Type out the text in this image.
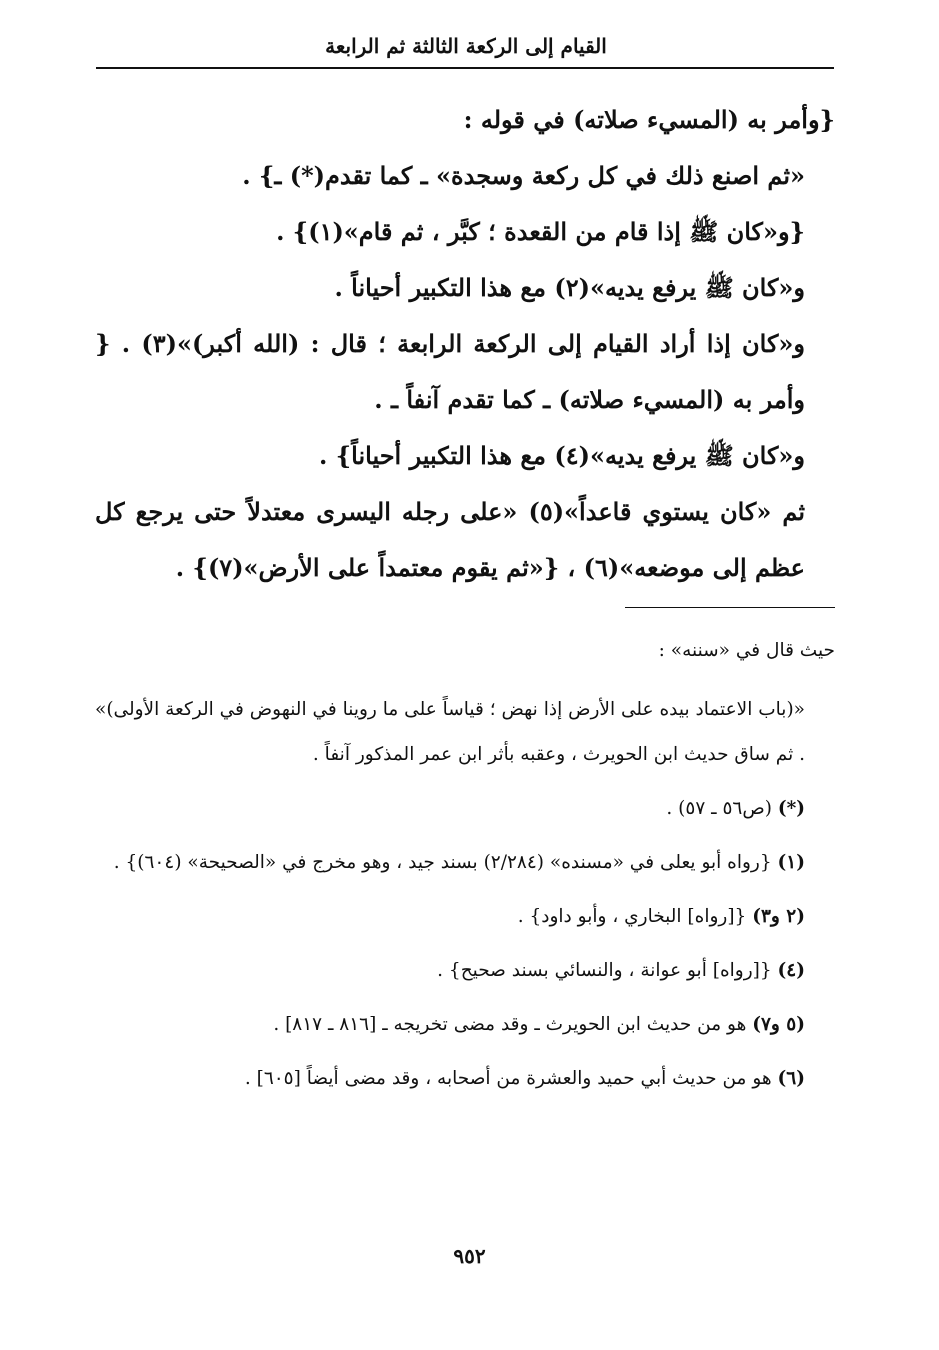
القيام إلى الركعة الثالثة ثم الرابعة

{وأمر به (المسيء صلاته) في قوله :

«ثم اصنع ذلك في كل ركعة وسجدة» ـ كما تقدم(*) ـ} .

{و«كان ﷺ إذا قام من القعدة ؛ كبَّر ، ثم قام»(١)} .

و«كان ﷺ يرفع يديه»(٢) مع هذا التكبير أحياناً .

و«كان إذا أراد القيام إلى الركعة الرابعة ؛ قال : (الله أكبر)»(٣) . { وأمر به (المسيء صلاته) ـ كما تقدم آنفاً ـ .

و«كان ﷺ يرفع يديه»(٤) مع هذا التكبير أحياناً} .

ثم «كان يستوي قاعداً»(٥) «على رجله اليسرى معتدلاً حتى يرجع كل عظم إلى موضعه»(٦) ، {«ثم يقوم معتمداً على الأرض»(٧)} .

حيث قال في «سننه» :

«(باب الاعتماد بيده على الأرض إذا نهض ؛ قياساً على ما روينا في النهوض في الركعة الأولى)» . ثم ساق حديث ابن الحويرث ، وعقبه بأثر ابن عمر المذكور آنفاً .

(*) (ص٥٦ ـ ٥٧) .

(١) {رواه أبو يعلى في «مسنده» (٢/٢٨٤) بسند جيد ، وهو مخرج في «الصحيحة» (٦٠٤)} .

(٢ و٣) {[رواه] البخاري ، وأبو داود} .

(٤) {[رواه] أبو عوانة ، والنسائي بسند صحيح} .

(٥ و٧) هو من حديث ابن الحويرث ـ وقد مضى تخريجه ـ [٨١٦ ـ ٨١٧] .

(٦) هو من حديث أبي حميد والعشرة من أصحابه ، وقد مضى أيضاً [٦٠٥] .

٩٥٢
